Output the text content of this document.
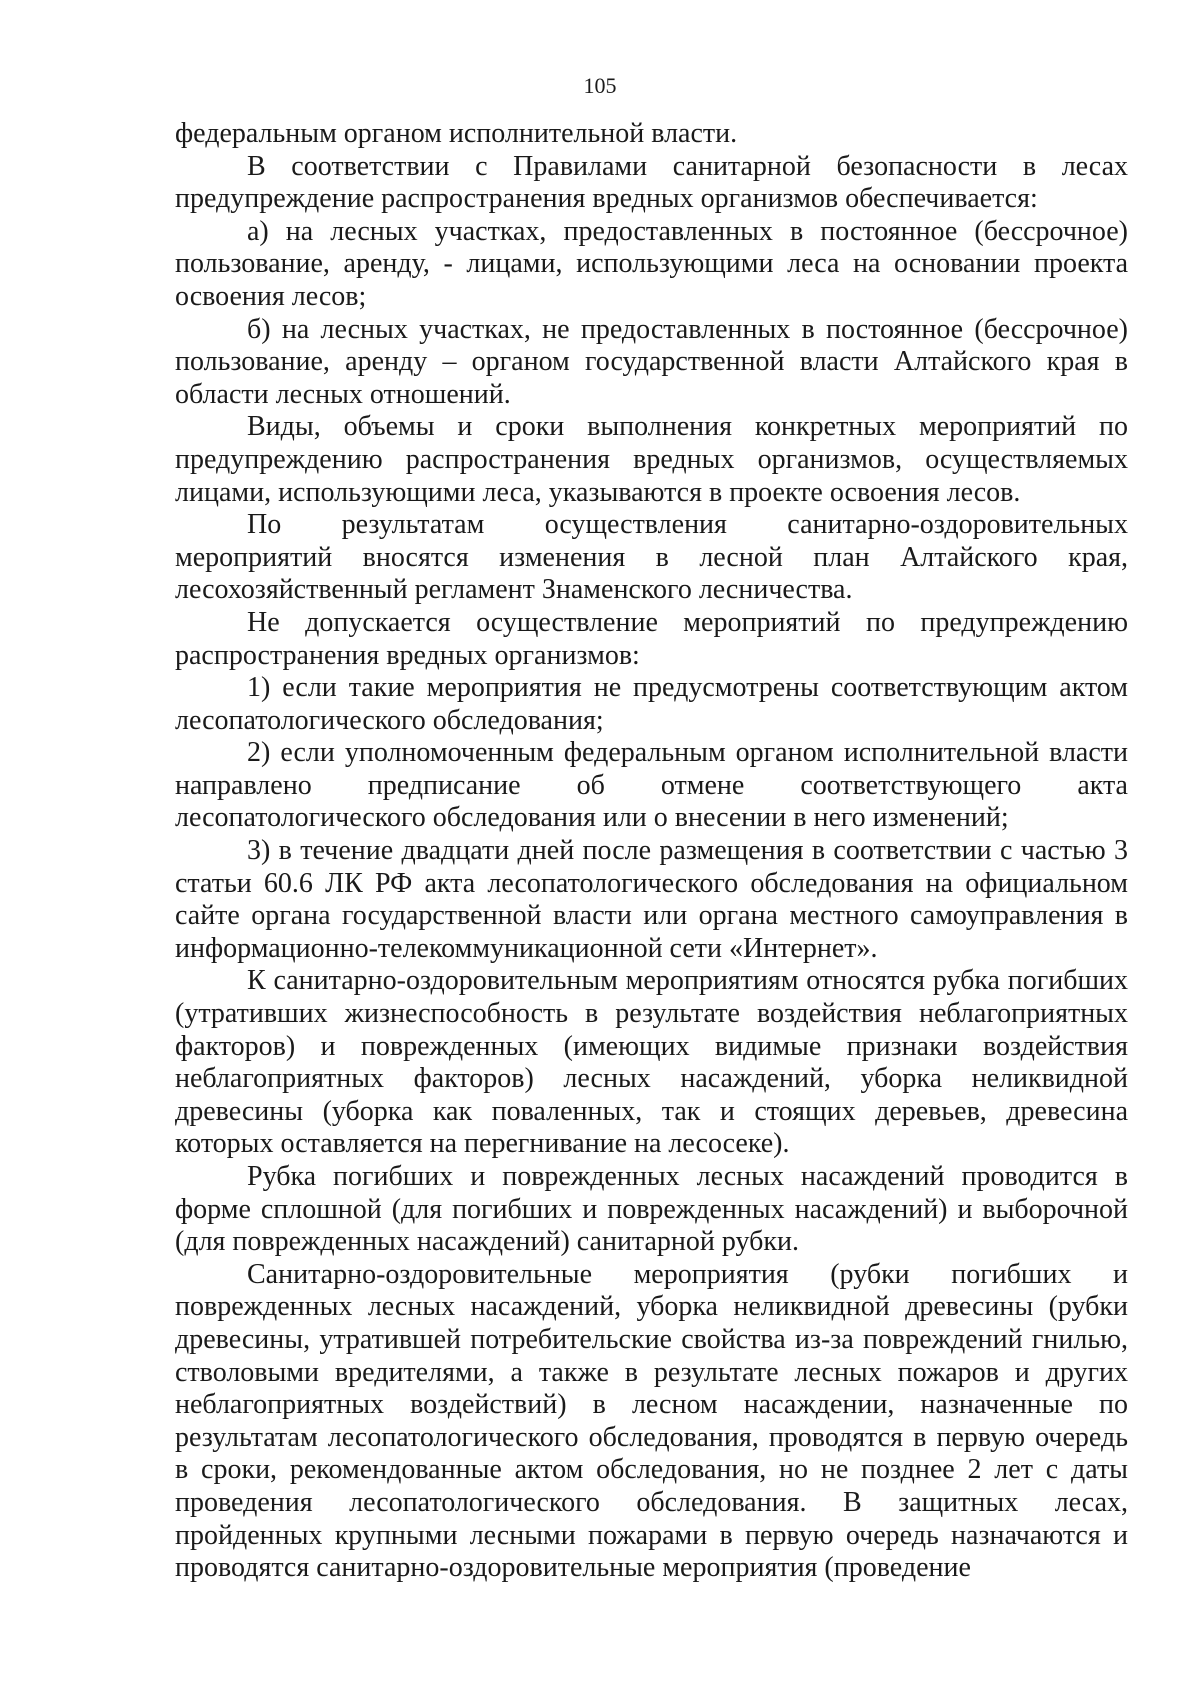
105

федеральным органом исполнительной власти.

В соответствии с Правилами санитарной безопасности в лесах предупреждение распространения вредных организмов обеспечивается:

а) на лесных участках, предоставленных в постоянное (бессрочное) пользование, аренду, - лицами, использующими леса на основании проекта освоения лесов;

б) на лесных участках, не предоставленных в постоянное (бессрочное) пользование, аренду – органом государственной власти Алтайского края в области лесных отношений.

Виды, объемы и сроки выполнения конкретных мероприятий по предупреждению распространения вредных организмов, осуществляемых лицами, использующими леса, указываются в проекте освоения лесов.

По результатам осуществления санитарно-оздоровительных мероприятий вносятся изменения в лесной план Алтайского края, лесохозяйственный регламент Знаменского лесничества.

Не допускается осуществление мероприятий по предупреждению распространения вредных организмов:

1) если такие мероприятия не предусмотрены соответствующим актом лесопатологического обследования;

2) если уполномоченным федеральным органом исполнительной власти направлено предписание об отмене соответствующего акта лесопатологического обследования или о внесении в него изменений;

3) в течение двадцати дней после размещения в соответствии с частью 3 статьи 60.6 ЛК РФ акта лесопатологического обследования на официальном сайте органа государственной власти или органа местного самоуправления в информационно-телекоммуникационной сети «Интернет».

К санитарно-оздоровительным мероприятиям относятся рубка погибших (утративших жизнеспособность в результате воздействия неблагоприятных факторов) и поврежденных (имеющих видимые признаки воздействия неблагоприятных факторов) лесных насаждений, уборка неликвидной древесины (уборка как поваленных, так и стоящих деревьев, древесина которых оставляется на перегнивание на лесосеке).

Рубка погибших и поврежденных лесных насаждений проводится в форме сплошной (для погибших и поврежденных насаждений) и выборочной (для поврежденных насаждений) санитарной рубки.

Санитарно-оздоровительные мероприятия (рубки погибших и поврежденных лесных насаждений, уборка неликвидной древесины (рубки древесины, утратившей потребительские свойства из-за повреждений гнилью, стволовыми вредителями, а также в результате лесных пожаров и других неблагоприятных воздействий) в лесном насаждении, назначенные по результатам лесопатологического обследования, проводятся в первую очередь в сроки, рекомендованные актом обследования, но не позднее 2 лет с даты проведения лесопатологического обследования. В защитных лесах, пройденных крупными лесными пожарами в первую очередь назначаются и проводятся санитарно-оздоровительные мероприятия (проведение
